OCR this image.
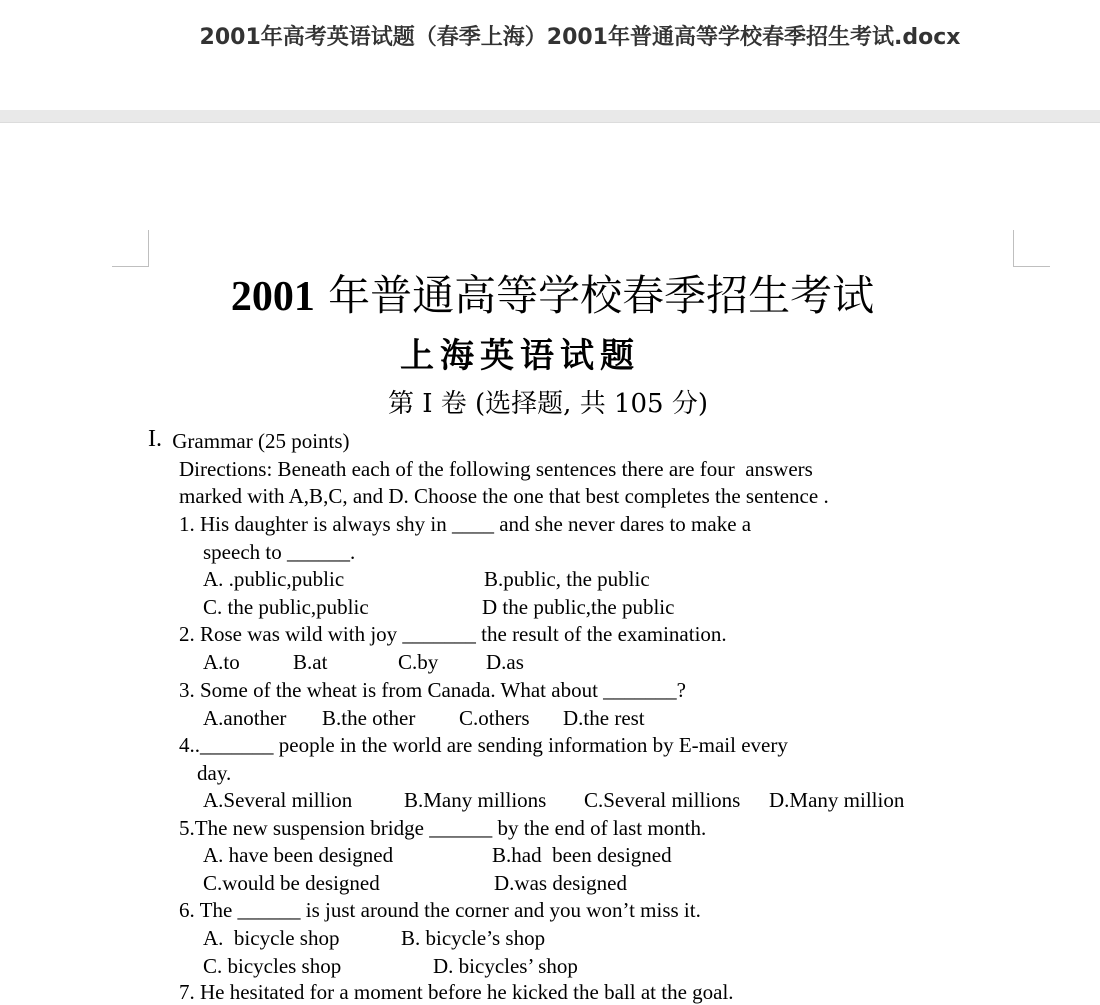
2001年高考英语试题（春季上海）2001年普通高等学校春季招生考试.docx
2001 年普通高等学校春季招生考试
上海英语试题
第 I 卷 (选择题, 共 105 分)
I. Grammar (25 points)
Directions: Beneath each of the following sentences there are four  answers
marked with A,B,C, and D. Choose the one that best completes the sentence .
1. His daughter is always shy in ____ and she never dares to make a
speech to ______.
A. .public,public	B.public, the public
C. the public,public	D the public,the public
2. Rose was wild with joy _______ the result of the examination.
A.to	B.at	C.by D.as
3. Some of the wheat is from Canada. What about _______?
A.another B.the other C.others D.the rest
4.._______ people in the world are sending information by E-mail every
day.
A.Several million B.Many millions C.Several millions D.Many million
5.The new suspension bridge ______ by the end of last month.
A. have been designed	B.had  been designed
C.would be designed	D.was designed
6. The ______ is just around the corner and you won’t miss it.
A.  bicycle shop	B. bicycle’s shop
C. bicycles shop	D. bicycles’ shop
7. He hesitated for a moment before he kicked the ball at the goal.
